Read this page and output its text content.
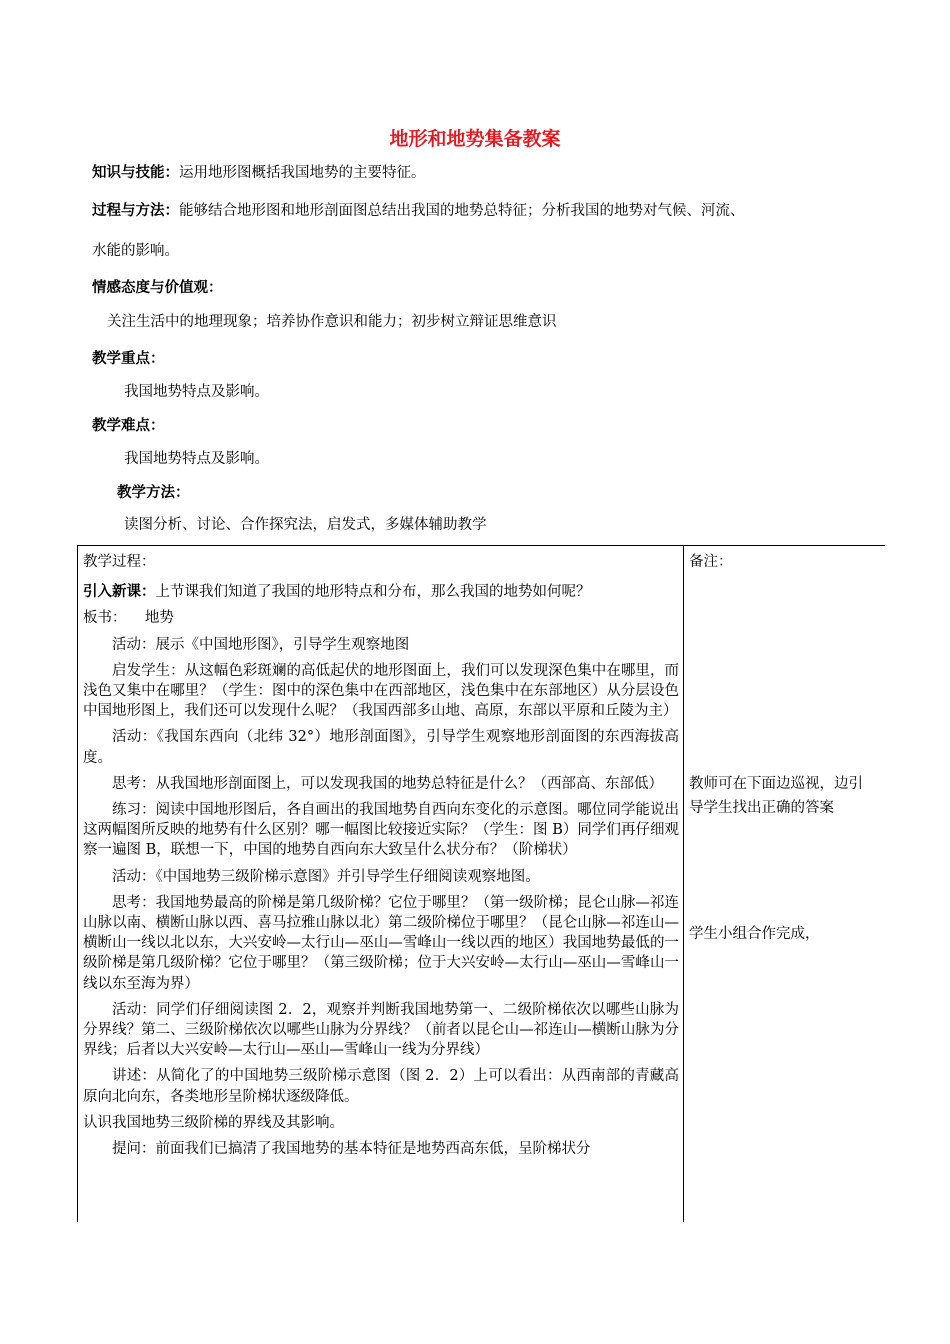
地形和地势集备教案
知识与技能：运用地形图概括我国地势的主要特征。
过程与方法：能够结合地形图和地形剖面图总结出我国的地势总特征；分析我国的地势对气候、河流、
水能的影响。
情感态度与价值观：
关注生活中的地理现象；培养协作意识和能力；初步树立辩证思维意识
教学重点：
我国地势特点及影响。
教学难点：
我国地势特点及影响。
教学方法：
读图分析、讨论、合作探究法，启发式，多媒体辅助教学

教学过程：

引入新课：上节课我们知道了我国的地形特点和分布，那么我国的地势如何呢？

板书：    地势

活动：展示《中国地形图》，引导学生观察地图

启发学生：从这幅色彩斑斓的高低起伏的地形图面上，我们可以发现深色集中在哪里，而浅色又集中在哪里？（学生：图中的深色集中在西部地区，浅色集中在东部地区）从分层设色中国地形图上，我们还可以发现什么呢？（我国西部多山地、高原，东部以平原和丘陵为主）

活动：《我国东西向（北纬 32°）地形剖面图》，引导学生观察地形剖面图的东西海拔高度。

思考：从我国地形剖面图上，可以发现我国的地势总特征是什么？（西部高、东部低）

练习：阅读中国地形图后，各自画出的我国地势自西向东变化的示意图。哪位同学能说出这两幅图所反映的地势有什么区别？哪一幅图比较接近实际？（学生：图 B）同学们再仔细观察一遍图 B，联想一下，中国的地势自西向东大致呈什么状分布？（阶梯状）

活动：《中国地势三级阶梯示意图》并引导学生仔细阅读观察地图。

思考：我国地势最高的阶梯是第几级阶梯？它位于哪里？（第一级阶梯；昆仑山脉—祁连山脉以南、横断山脉以西、喜马拉雅山脉以北）第二级阶梯位于哪里？（昆仑山脉—祁连山—横断山一线以北以东，大兴安岭—太行山—巫山—雪峰山一线以西的地区）我国地势最低的一级阶梯是第几级阶梯？它位于哪里？（第三级阶梯；位于大兴安岭—太行山—巫山—雪峰山一线以东至海为界）

活动：同学们仔细阅读图 2．2，观察并判断我国地势第一、二级阶梯依次以哪些山脉为分界线？第二、三级阶梯依次以哪些山脉为分界线？（前者以昆仑山—祁连山—横断山脉为分界线；后者以大兴安岭—太行山—巫山—雪峰山一线为分界线）

讲述：从简化了的中国地势三级阶梯示意图（图 2．2）上可以看出：从西南部的青藏高原向北向东，各类地形呈阶梯状逐级降低。

认识我国地势三级阶梯的界线及其影响。

提问：前面我们已搞清了我国地势的基本特征是地势西高东低，呈阶梯状分

备注：
教师可在下面边巡视，边引导学生找出正确的答案
学生小组合作完成，
